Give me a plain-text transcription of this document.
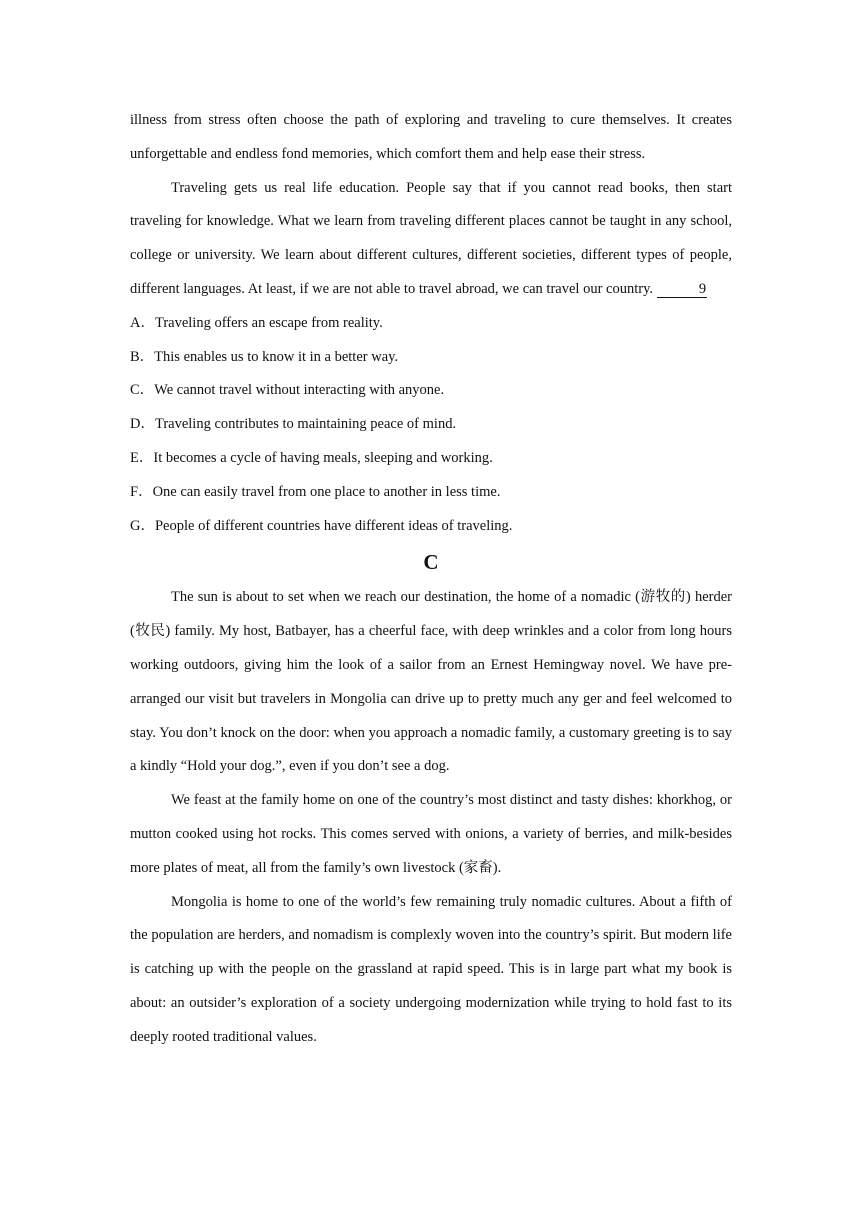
illness from stress often choose the path of exploring and traveling to cure themselves. It creates unforgettable and endless fond memories, which comfort them and help ease their stress.

Traveling gets us real life education. People say that if you cannot read books, then start traveling for knowledge. What we learn from traveling different places cannot be taught in any school, college or university. We learn about different cultures, different societies, different types of people, different languages. At least, if we are not able to travel abroad, we can travel our country.	9

A．Traveling offers an escape from reality.

B．This enables us to know it in a better way.

C．We cannot travel without interacting with anyone.

D．Traveling contributes to maintaining peace of mind.

E．It becomes a cycle of having meals, sleeping and working.

F．One can easily travel from one place to another in less time.

G．People of different countries have different ideas of traveling.

C

The sun is about to set when we reach our destination, the home of a nomadic (游牧的) herder (牧民) family. My host, Batbayer, has a cheerful face, with deep wrinkles and a color from long hours working outdoors, giving him the look of a sailor from an Ernest Hemingway novel. We have pre-arranged our visit but travelers in Mongolia can drive up to pretty much any ger and feel welcomed to stay. You don’t knock on the door: when you approach a nomadic family, a customary greeting is to say a kindly “Hold your dog.”, even if you don’t see a dog.

We feast at the family home on one of the country’s most distinct and tasty dishes: khorkhog, or mutton cooked using hot rocks. This comes served with onions, a variety of berries, and milk-besides more plates of meat, all from the family’s own livestock (家畜).

Mongolia is home to one of the world’s few remaining truly nomadic cultures. About a fifth of the population are herders, and nomadism is complexly woven into the country’s spirit. But modern life is catching up with the people on the grassland at rapid speed. This is in large part what my book is about: an outsider’s exploration of a society undergoing modernization while trying to hold fast to its deeply rooted traditional values.
